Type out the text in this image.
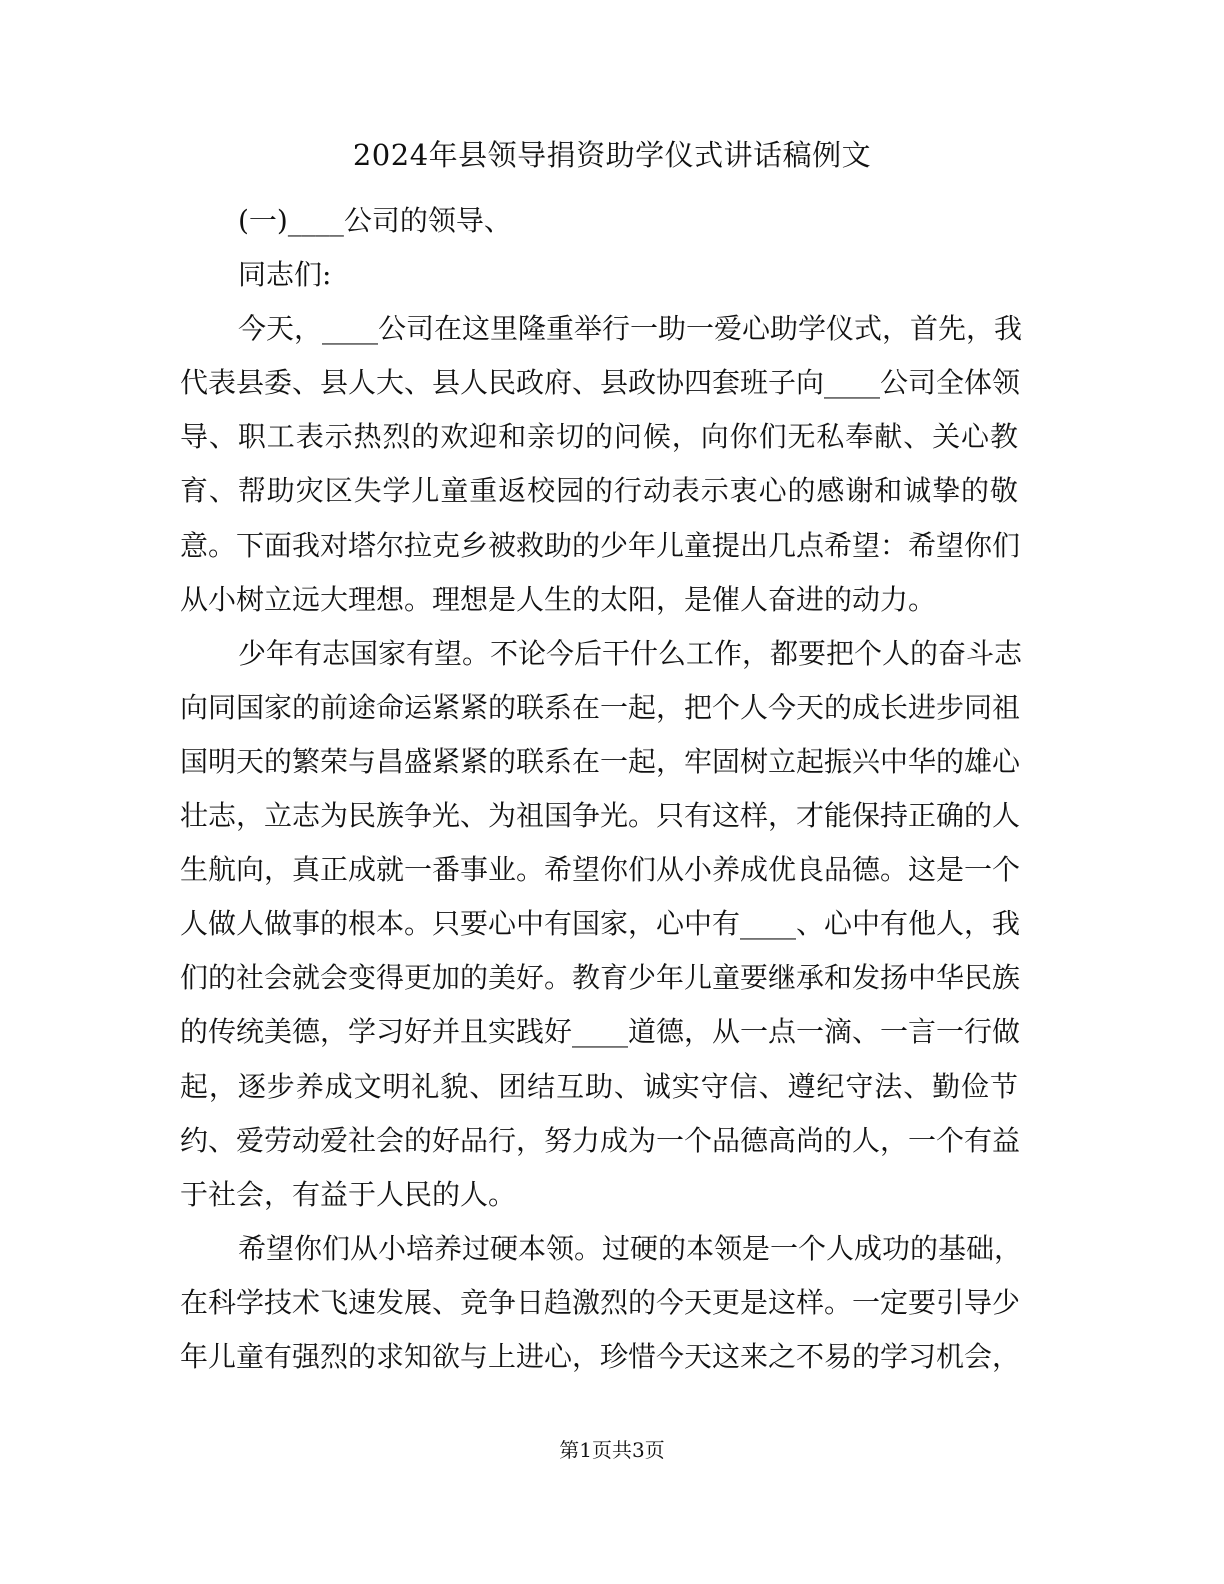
2024年县领导捐资助学仪式讲话稿例文
(一)____公司的领导、
同志们:
今天，____公司在这里隆重举行一助一爱心助学仪式，首先，我
代表县委、县人大、县人民政府、县政协四套班子向____公司全体领
导、职工表示热烈的欢迎和亲切的问候，向你们无私奉献、关心教
育、帮助灾区失学儿童重返校园的行动表示衷心的感谢和诚挚的敬
意。下面我对塔尔拉克乡被救助的少年儿童提出几点希望：希望你们
从小树立远大理想。理想是人生的太阳，是催人奋进的动力。
少年有志国家有望。不论今后干什么工作，都要把个人的奋斗志
向同国家的前途命运紧紧的联系在一起，把个人今天的成长进步同祖
国明天的繁荣与昌盛紧紧的联系在一起，牢固树立起振兴中华的雄心
壮志，立志为民族争光、为祖国争光。只有这样，才能保持正确的人
生航向，真正成就一番事业。希望你们从小养成优良品德。这是一个
人做人做事的根本。只要心中有国家，心中有____、心中有他人，我
们的社会就会变得更加的美好。教育少年儿童要继承和发扬中华民族
的传统美德，学习好并且实践好____道德，从一点一滴、一言一行做
起，逐步养成文明礼貌、团结互助、诚实守信、遵纪守法、勤俭节
约、爱劳动爱社会的好品行，努力成为一个品德高尚的人，一个有益
于社会，有益于人民的人。
希望你们从小培养过硬本领。过硬的本领是一个人成功的基础，
在科学技术飞速发展、竞争日趋激烈的今天更是这样。一定要引导少
年儿童有强烈的求知欲与上进心，珍惜今天这来之不易的学习机会，
第1页共3页
